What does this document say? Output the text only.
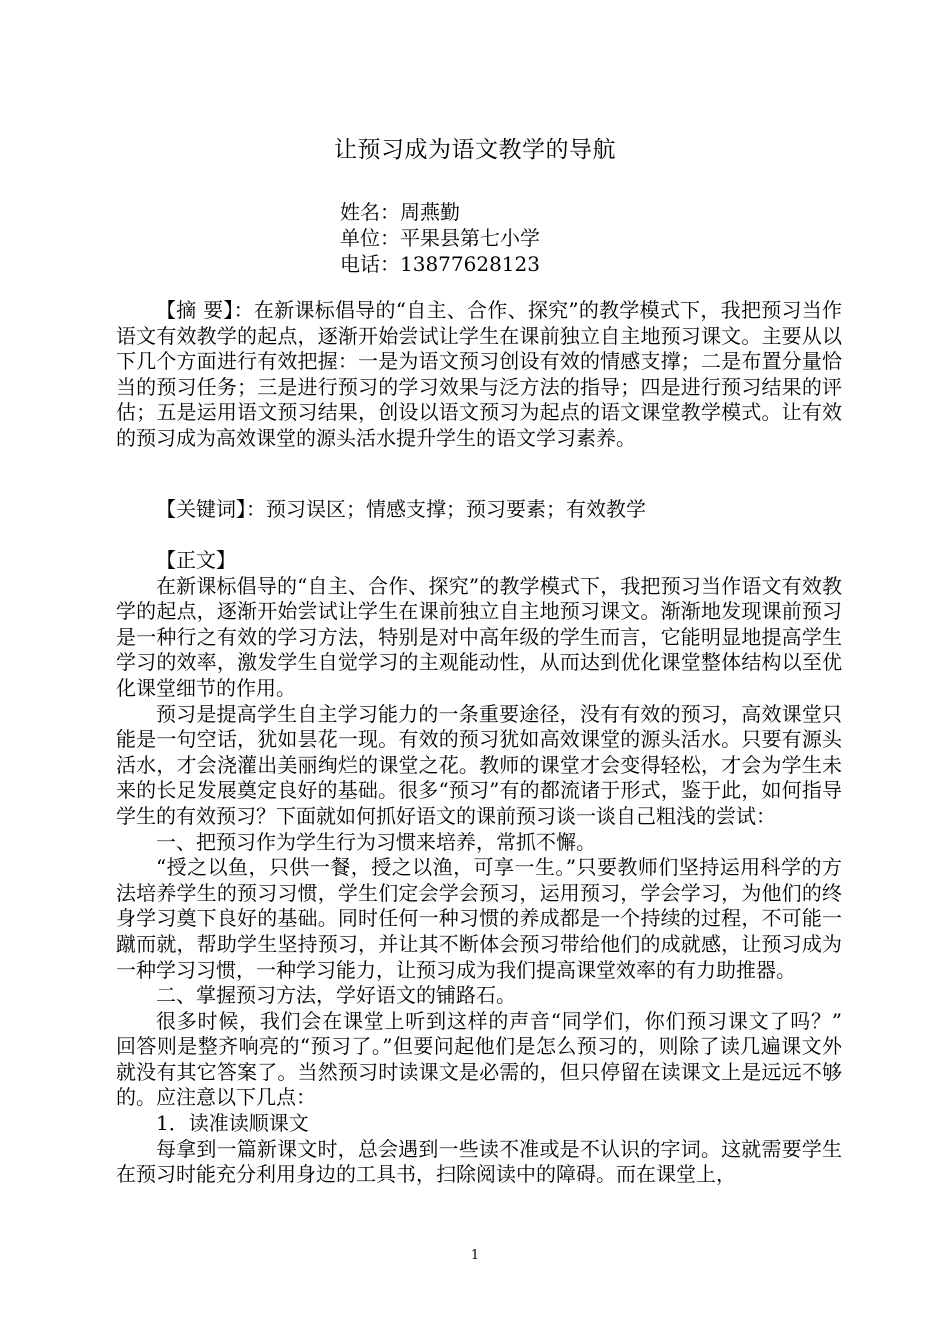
让预习成为语文教学的导航
姓名：周燕勤
单位：平果县第七小学
电话：13877628123

【摘 要】：在新课标倡导的“自主、合作、探究”的教学模式下，我把预习当作语文有效教学的起点，逐渐开始尝试让学生在课前独立自主地预习课文。主要从以下几个方面进行有效把握：一是为语文预习创设有效的情感支撑；二是布置分量恰当的预习任务；三是进行预习的学习效果与泛方法的指导；四是进行预习结果的评估；五是运用语文预习结果，创设以语文预习为起点的语文课堂教学模式。让有效的预习成为高效课堂的源头活水提升学生的语文学习素养。

【关键词】：预习误区；情感支撑；预习要素；有效教学

【正文】

在新课标倡导的“自主、合作、探究”的教学模式下，我把预习当作语文有效教学的起点，逐渐开始尝试让学生在课前独立自主地预习课文。渐渐地发现课前预习是一种行之有效的学习方法，特别是对中高年级的学生而言，它能明显地提高学生学习的效率，激发学生自觉学习的主观能动性，从而达到优化课堂整体结构以至优化课堂细节的作用。

预习是提高学生自主学习能力的一条重要途径，没有有效的预习，高效课堂只能是一句空话，犹如昙花一现。有效的预习犹如高效课堂的源头活水。只要有源头活水，才会浇灌出美丽绚烂的课堂之花。教师的课堂才会变得轻松，才会为学生未来的长足发展奠定良好的基础。很多“预习”有的都流诸于形式，鉴于此，如何指导学生的有效预习？下面就如何抓好语文的课前预习谈一谈自己粗浅的尝试：

一、把预习作为学生行为习惯来培养，常抓不懈。

“授之以鱼，只供一餐，授之以渔，可享一生。”只要教师们坚持运用科学的方法培养学生的预习习惯，学生们定会学会预习，运用预习，学会学习，为他们的终身学习奠下良好的基础。同时任何一种习惯的养成都是一个持续的过程，不可能一蹴而就，帮助学生坚持预习，并让其不断体会预习带给他们的成就感，让预习成为一种学习习惯，一种学习能力，让预习成为我们提高课堂效率的有力助推器。

二、掌握预习方法，学好语文的铺路石。

很多时候，我们会在课堂上听到这样的声音“同学们，你们预习课文了吗？” 回答则是整齐响亮的“预习了。”但要问起他们是怎么预习的，则除了读几遍课文外就没有其它答案了。当然预习时读课文是必需的，但只停留在读课文上是远远不够的。应注意以下几点：

1．读准读顺课文

每拿到一篇新课文时，总会遇到一些读不准或是不认识的字词。这就需要学生在预习时能充分利用身边的工具书，扫除阅读中的障碍。而在课堂上，

1
